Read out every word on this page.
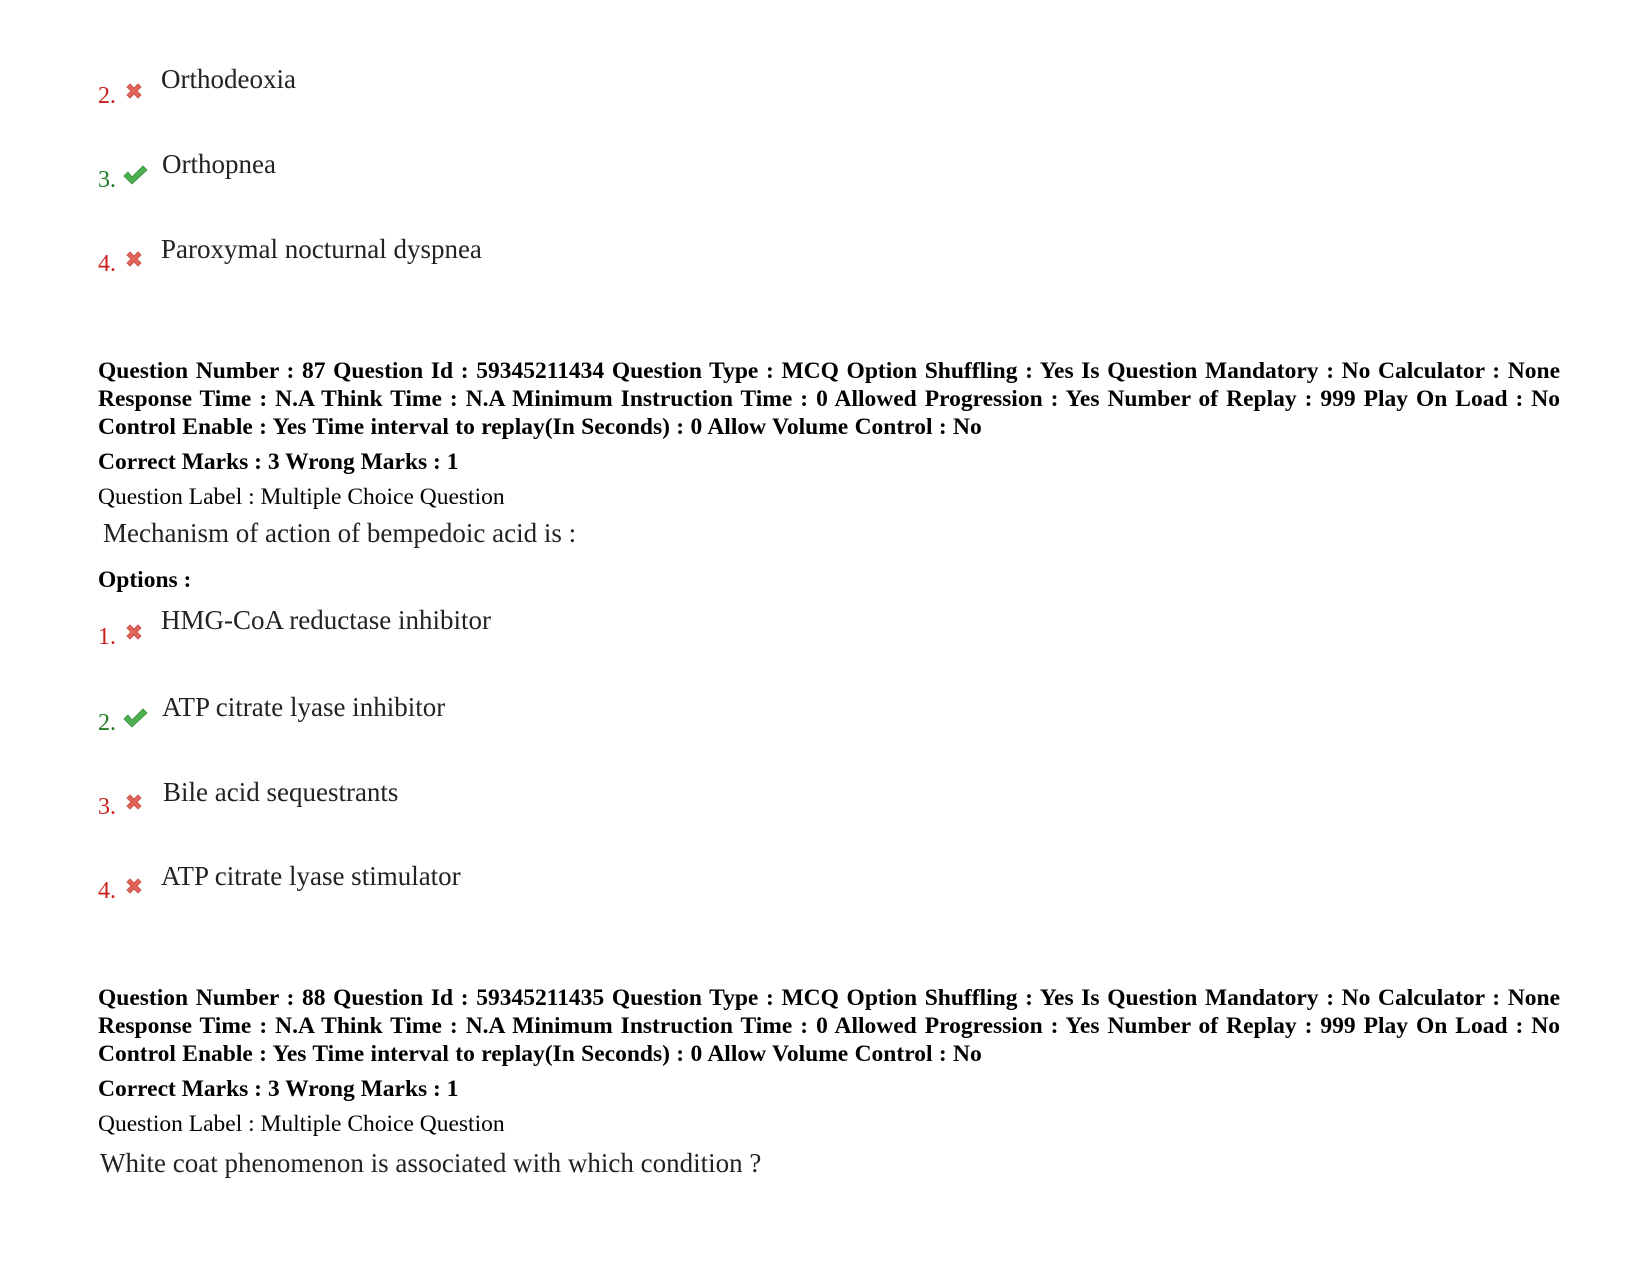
2.
Orthodeoxia
3.
Orthopnea
4. Paroxymal nocturnal dyspnea
Question Number : 87 Question Id : 59345211434 Question Type : MCQ Option Shuffling : Yes Is Question Mandatory : No Calculator : None Response Time : N.A Think Time : N.A Minimum Instruction Time : 0 Allowed Progression : Yes Number of Replay : 999 Play On Load : No Control Enable : Yes Time interval to replay(In Seconds) : 0 Allow Volume Control : No
Correct Marks : 3 Wrong Marks : 1
Question Label : Multiple Choice Question
Mechanism of action of bempedoic acid is :
Options :
1.
HMG-CoA reductase inhibitor
2.
ATP citrate lyase inhibitor
3. Bile acid sequestrants
4. ATP citrate lyase stimulator
Question Number : 88 Question Id : 59345211435 Question Type : MCQ Option Shuffling : Yes Is Question Mandatory : No Calculator : None Response Time : N.A Think Time : N.A Minimum Instruction Time : 0 Allowed Progression : Yes Number of Replay : 999 Play On Load : No Control Enable : Yes Time interval to replay(In Seconds) : 0 Allow Volume Control : No
Correct Marks : 3 Wrong Marks : 1
Question Label : Multiple Choice Question
White coat phenomenon is associated with which condition ?
